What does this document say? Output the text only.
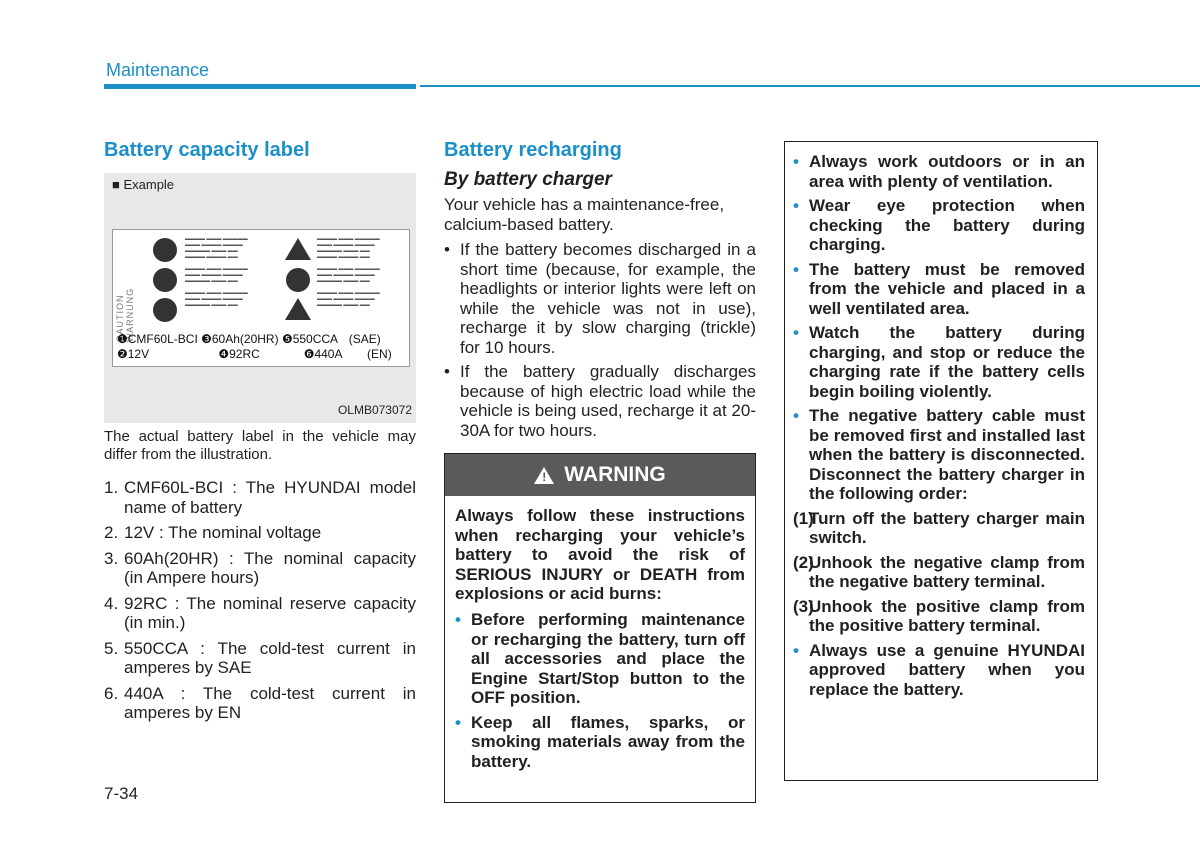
Maintenance
Battery capacity label
■ Example
CAUTION WARNUNG
▬▬▬▬ ▬▬▬ ▬▬▬▬▬
▬▬▬ ▬▬▬▬ ▬▬▬▬
▬▬▬▬▬ ▬▬▬ ▬▬
▬▬▬▬ ▬▬▬▬ ▬▬

▬▬▬▬ ▬▬▬ ▬▬▬▬▬
▬▬▬ ▬▬▬▬ ▬▬▬▬
▬▬▬▬▬ ▬▬▬ ▬▬

▬▬▬▬ ▬▬▬ ▬▬▬▬▬
▬▬▬ ▬▬▬▬ ▬▬▬▬
▬▬▬▬▬ ▬▬▬ ▬▬
▬▬▬▬ ▬▬▬ ▬▬▬▬▬
▬▬▬ ▬▬▬▬ ▬▬▬▬
▬▬▬▬▬ ▬▬▬ ▬▬
▬▬▬▬ ▬▬▬▬ ▬▬

▬▬▬▬ ▬▬▬ ▬▬▬▬▬
▬▬▬ ▬▬▬▬ ▬▬▬▬
▬▬▬▬▬ ▬▬▬ ▬▬

▬▬▬▬ ▬▬▬ ▬▬▬▬▬
▬▬▬ ▬▬▬▬ ▬▬▬▬
▬▬▬▬▬ ▬▬▬ ▬▬
❶CMF60L-BCI ❸60Ah(20HR) ❺550CCA (SAE)
❷12V	❹92RC	❻440A (EN)
OLMB073072
The actual battery label in the vehicle may differ from the illustration.
1. CMF60L-BCI : The HYUNDAI model name of battery
2. 12V : The nominal voltage
3. 60Ah(20HR) : The nominal capacity (in Ampere hours)
4. 92RC : The nominal reserve capacity (in min.)
5. 550CCA : The cold-test current in amperes by SAE
6. 440A : The cold-test current in amperes by EN
Battery recharging
By battery charger
Your vehicle has a maintenance-free, calcium-based battery.
• If the battery becomes discharged in a short time (because, for example, the headlights or interior lights were left on while the vehicle was not in use), recharge it by slow charging (trickle) for 10 hours.
• If the battery gradually discharges because of high electric load while the vehicle is being used, recharge it at 20-30A for two hours.
! WARNING
Always follow these instructions when recharging your vehicle’s battery to avoid the risk of SERIOUS INJURY or DEATH from explosions or acid burns:
• Before performing maintenance or recharging the battery, turn off all accessories and place the Engine Start/Stop button to the OFF position.
• Keep all flames, sparks, or smoking materials away from the battery.
• Always work outdoors or in an area with plenty of ventilation.
• Wear eye protection when checking the battery during charging.
• The battery must be removed from the vehicle and placed in a well ventilated area.
• Watch the battery during charging, and stop or reduce the charging rate if the battery cells begin boiling violently.
• The negative battery cable must be removed first and installed last when the battery is disconnected. Disconnect the battery charger in the following order:
(1)
Turn off the battery charger main switch.
(2)
Unhook the negative clamp from the negative battery terminal.
(3)
Unhook the positive clamp from the positive battery terminal.
• Always use a genuine HYUNDAI approved battery when you replace the battery.
7-34
